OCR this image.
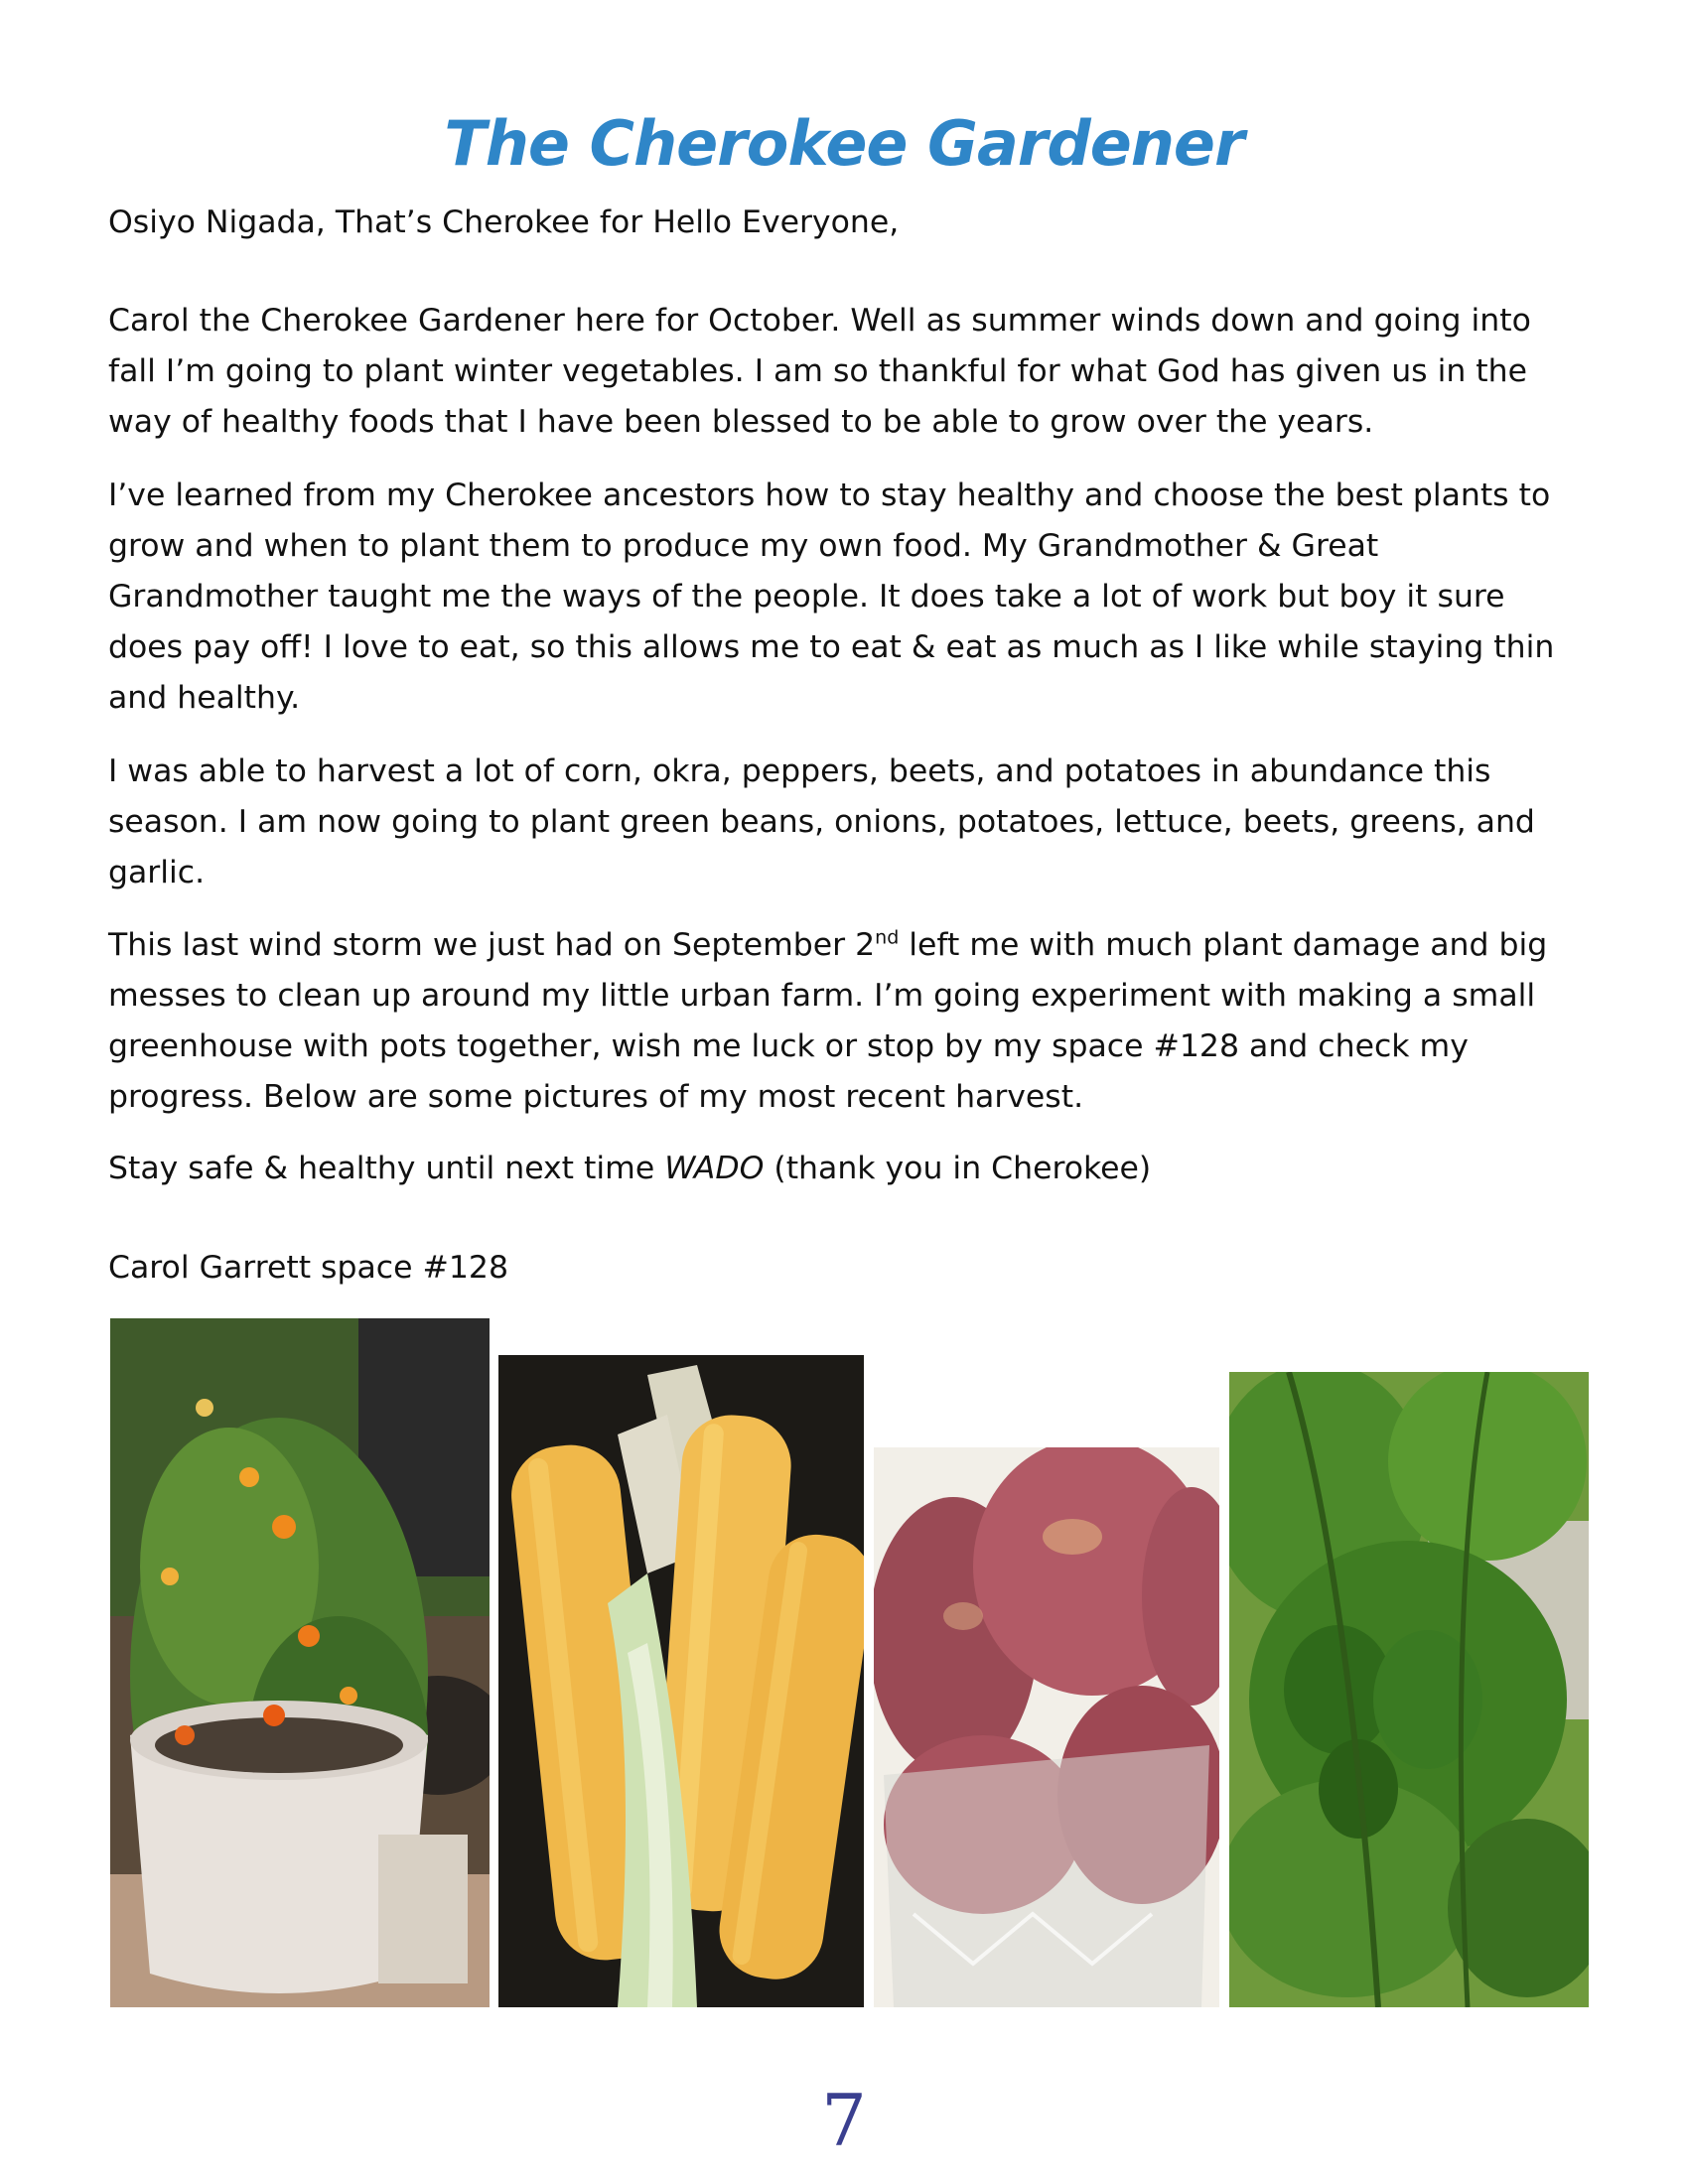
The Cherokee Gardener

Osiyo Nigada, That’s Cherokee for Hello Everyone,

Carol the Cherokee Gardener here for October. Well as summer winds down and going into fall I’m going to plant winter vegetables. I am so thankful for what God has given us in the way of healthy foods that I have been blessed to be able to grow over the years.

I’ve learned from my Cherokee ancestors how to stay healthy and choose the best plants to grow and when to plant them to produce my own food. My Grandmother & Great Grandmother taught me the ways of the people. It does take a lot of work but boy it sure does pay off! I love to eat, so this allows me to eat & eat as much as I like while staying thin and healthy.

I was able to harvest a lot of corn, okra, peppers, beets, and potatoes in abundance this season. I am now going to plant green beans, onions, potatoes, lettuce, beets, greens, and garlic.

This last wind storm we just had on September 2nd left me with much plant damage and big messes to clean up around my little urban farm. I’m going experiment with making a small greenhouse with pots together, wish me luck or stop by my space #128 and check my progress. Below are some pictures of my most recent harvest.

Stay safe & healthy until next time WADO (thank you in Cherokee)

Carol Garrett space #128

7
